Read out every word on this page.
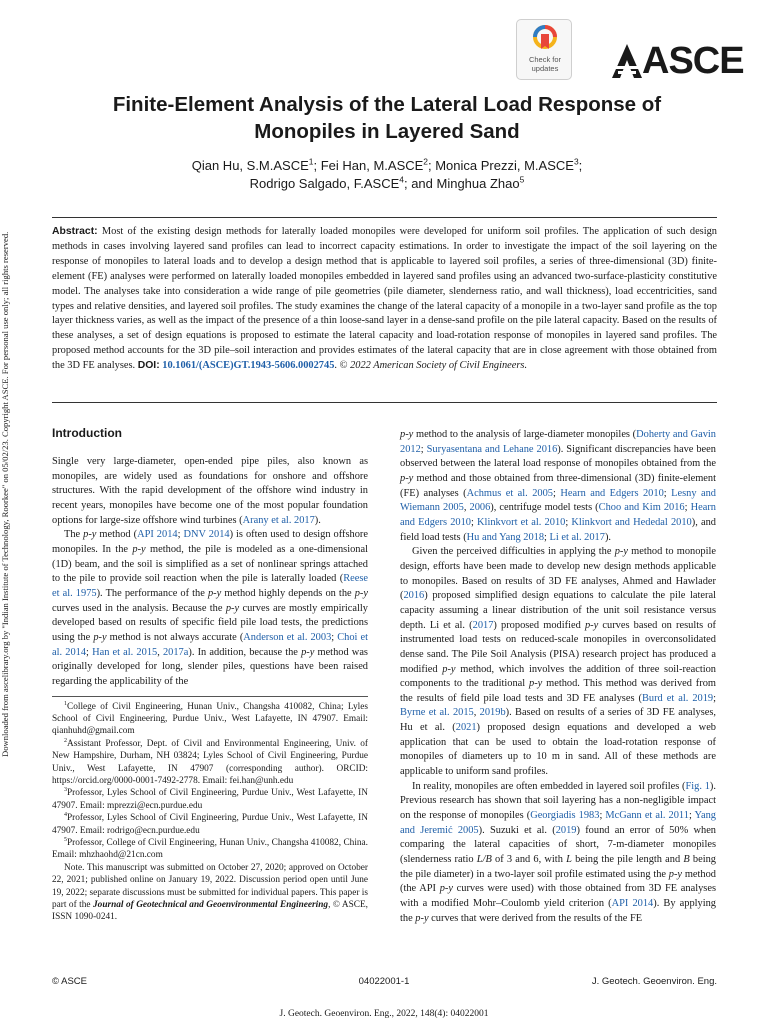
Downloaded from ascelibrary.org by "Indian Institute of Technology, Roorkee" on 05/02/23. Copyright ASCE. For personal use only; all rights reserved.
Check for
updates	ASCE
Finite-Element Analysis of the Lateral Load Response of
Monopiles in Layered Sand
Qian Hu, S.M.ASCE$^1$; Fei Han, M.ASCE$^2$; Monica Prezzi, M.ASCE$^3$;
Rodrigo Salgado, F.ASCE$^4$; and Minghua Zhao$^5$
Abstract: Most of the existing design methods for laterally loaded monopiles were developed for uniform soil profiles. The application of such design methods in cases involving layered sand profiles can lead to incorrect capacity estimations. In order to investigate the impact of the soil layering on the response of monopiles to lateral loads and to develop a design method that is applicable to layered soil profiles, a series of three-dimensional (3D) finite-element (FE) analyses were performed on laterally loaded monopiles embedded in layered sand profiles using an advanced two-surface-plasticity constitutive model. The analyses take into consideration a wide range of pile geometries (pile diameter, slenderness ratio, and wall thickness), load eccentricities, sand types and relative densities, and layered soil profiles. The study examines the change of the lateral capacity of a monopile in a two-layer sand profile as the top layer thickness varies, as well as the impact of the presence of a thin loose-sand layer in a dense-sand profile on the pile lateral capacity. Based on the results of these analyses, a set of design equations is proposed to estimate the lateral capacity and load-rotation response of monopiles in layered sand profiles. The proposed method accounts for the 3D pile–soil interaction and provides estimates of the lateral capacity that are in close agreement with those obtained from the 3D FE analyses. DOI: 10.1061/(ASCE)GT.1943-5606.0002745. © 2022 American Society of Civil Engineers.
Introduction

Single very large-diameter, open-ended pipe piles, also known as monopiles, are widely used as foundations for onshore and offshore structures. With the rapid development of the offshore wind industry in recent years, monopiles have become one of the most popular foundation options for large-size offshore wind turbines (Arany et al. 2017).

The p-y method (API 2014; DNV 2014) is often used to design offshore monopiles. In the p-y method, the pile is modeled as a one-dimensional (1D) beam, and the soil is simplified as a set of nonlinear springs attached to the pile to provide soil reaction when the pile is laterally loaded (Reese et al. 1975). The performance of the p-y method highly depends on the p-y curves used in the analysis. Because the p-y curves are mostly empirically developed based on results of specific field pile load tests, the predictions using the p-y method is not always accurate (Anderson et al. 2003; Choi et al. 2014; Han et al. 2015, 2017a). In addition, because the p-y method was originally developed for long, slender piles, questions have been raised regarding the applicability of the

$^1$College of Civil Engineering, Hunan Univ., Changsha 410082, China; Lyles School of Civil Engineering, Purdue Univ., West Lafayette, IN 47907. Email: qianhuhd@gmail.com

$^2$Assistant Professor, Dept. of Civil and Environmental Engineering, Univ. of New Hampshire, Durham, NH 03824; Lyles School of Civil Engineering, Purdue Univ., West Lafayette, IN 47907 (corresponding author). ORCID: https://orcid.org/0000-0001-7492-2778. Email: fei.han@unh.edu

$^3$Professor, Lyles School of Civil Engineering, Purdue Univ., West Lafayette, IN 47907. Email: mprezzi@ecn.purdue.edu

$^4$Professor, Lyles School of Civil Engineering, Purdue Univ., West Lafayette, IN 47907. Email: rodrigo@ecn.purdue.edu

$^5$Professor, College of Civil Engineering, Hunan Univ., Changsha 410082, China. Email: mhzhaohd@21cn.com

Note. This manuscript was submitted on October 27, 2020; approved on October 22, 2021; published online on January 19, 2022. Discussion period open until June 19, 2022; separate discussions must be submitted for individual papers. This paper is part of the Journal of Geotechnical and Geoenvironmental Engineering, © ASCE, ISSN 1090-0241.

p-y method to the analysis of large-diameter monopiles (Doherty and Gavin 2012; Suryasentana and Lehane 2016). Significant discrepancies have been observed between the lateral load response of monopiles obtained from the p-y method and those obtained from three-dimensional (3D) finite-element (FE) analyses (Achmus et al. 2005; Hearn and Edgers 2010; Lesny and Wiemann 2005, 2006), centrifuge model tests (Choo and Kim 2016; Hearn and Edgers 2010; Klinkvort et al. 2010; Klinkvort and Hededal 2010), and field load tests (Hu and Yang 2018; Li et al. 2017).

Given the perceived difficulties in applying the p-y method to monopile design, efforts have been made to develop new design methods applicable to monopiles. Based on results of 3D FE analyses, Ahmed and Hawlader (2016) proposed simplified design equations to calculate the pile lateral capacity assuming a linear distribution of the unit soil resistance versus depth. Li et al. (2017) proposed modified p-y curves based on results of instrumented load tests on reduced-scale monopiles in overconsolidated dense sand. The Pile Soil Analysis (PISA) research project has produced a modified p-y method, which involves the addition of three soil-reaction components to the traditional p-y method. This method was derived from the results of field pile load tests and 3D FE analyses (Burd et al. 2019; Byrne et al. 2015, 2019b). Based on results of a series of 3D FE analyses, Hu et al. (2021) proposed design equations and developed a web application that can be used to obtain the load-rotation response of monopiles of diameters up to 10 m in sand. All of these methods are applicable to uniform sand profiles.

In reality, monopiles are often embedded in layered soil profiles (Fig. 1). Previous research has shown that soil layering has a non-negligible impact on the response of monopiles (Georgiadis 1983; McGann et al. 2011; Yang and Jeremić 2005). Suzuki et al. (2019) found an error of 50% when comparing the lateral capacities of short, 7-m-diameter monopiles (slenderness ratio L/B of 3 and 6, with L being the pile length and B being the pile diameter) in a two-layer soil profile estimated using the p-y method (the API p-y curves were used) with those obtained from 3D FE analyses with a modified Mohr–Coulomb yield criterion (API 2014). By applying the p-y curves that were derived from the results of the FE

© ASCE	04022001-1	J. Geotech. Geoenviron. Eng.
J. Geotech. Geoenviron. Eng., 2022, 148(4): 04022001
